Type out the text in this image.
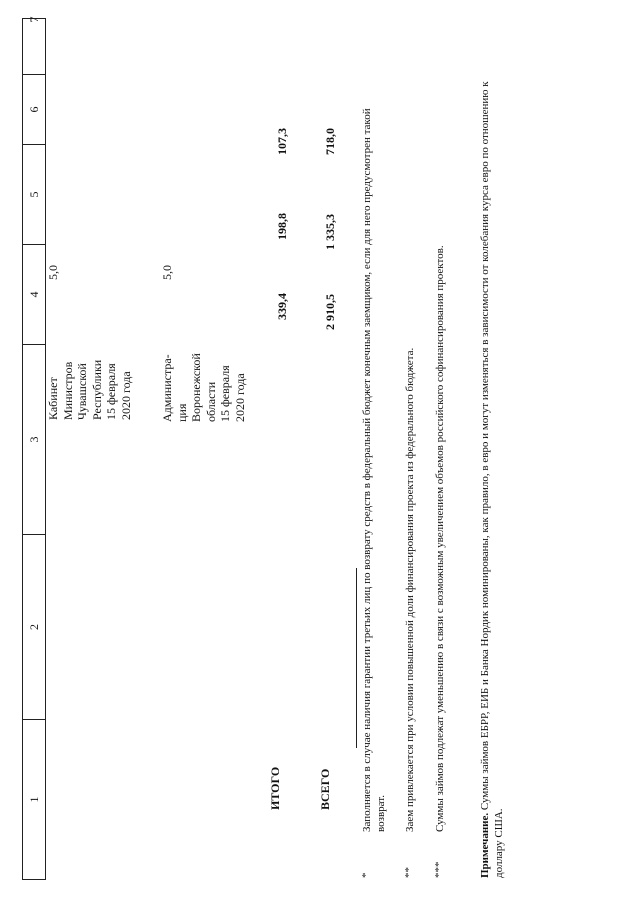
1
2
3
4
5
6
7
Кабинет
Министров
Чувашской
Республики
15 февраля
2020 года
5,0
Администра-
ция
Воронежской
области
15 февраля
2020 года
5,0
ИТОГО
339,4
198,8
107,3
ВСЕГО
2 910,5
1 335,3
718,0
*
Заполняется в случае наличия гарантии третьих лиц по возврату средств в федеральный бюджет конечным заемщиком, если для него предусмотрен такой возврат.
**
Заем привлекается при условии повышенной доли финансирования проекта из федерального бюджета.
***
Суммы займов подлежат уменьшению в связи с возможным увеличением объемов российского софинансирования проектов.
Примечание. Суммы займов ЕБРР, ЕИБ и Банка Нордик номинированы, как правило, в евро и могут изменяться в зависимости от колебания курса евро по отношению к доллару США.
